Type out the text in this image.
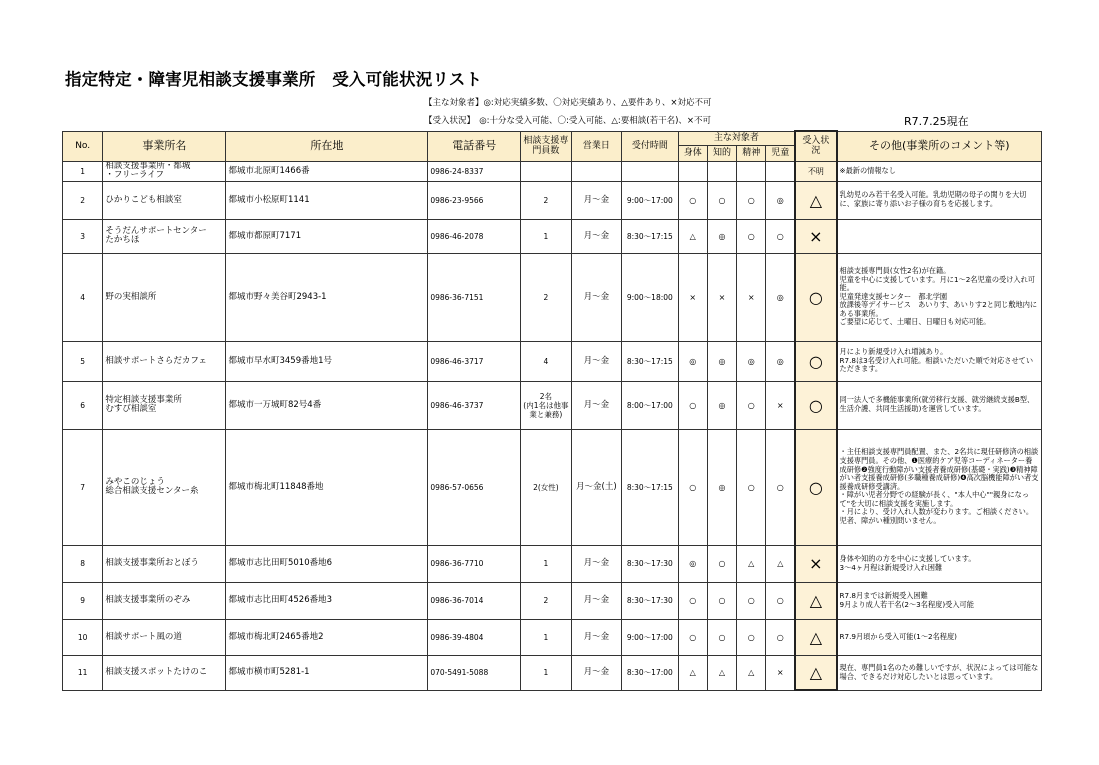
指定特定・障害児相談支援事業所　受入可能状況リスト
【主な対象者】◎:対応実績多数、〇対応実績あり、△要件あり、×対応不可
【受入状況】　◎:十分な受入可能、〇:受入可能、△:要相談(若干名)、×不可	R7.7.25現在
No.	事業所名	所在地	電話番号	相談支援専門員数	営業日	受付時間	主な対象者				受入状況	その他(事業所のコメント等)
							身体	知的	精神	児童		
1	相談支援事業所・都城
・フリーライフ	都城市北原町1466番	0986-24-8337								不明	※最新の情報なし
2	ひかりこども相談室	都城市小松原町1141	0986-23-9566	2	月～金	9:00～17:00	○	○	○	◎	△	乳幼児のみ若干名受入可能。乳幼児期の母子の関りを大切に、家族に寄り添いお子様の育ちを応援します。
3	そうだんサポートセンター
たかちほ	都城市都原町7171	0986-46-2078	1	月～金	8:30～17:15	△	◎	○	○	×	
4	野の実相談所	都城市野々美谷町2943-1	0986-36-7151	2	月～金	9:00～18:00	×	×	×	◎	○	相談支援専門員(女性2名)が在籍。
児童を中心に支援しています。月に1～2名児童の受け入れ可能。
児童発達支援センター　都北学園
放課後等デイサービス　あいりす、あいりす2と同じ敷地内にある事業所。
ご要望に応じて、土曜日、日曜日も対応可能。
5	相談サポートさらだカフェ	都城市早水町3459番地1号	0986-46-3717	4	月～金	8:30～17:15	◎	◎	◎	◎	○	月により新規受け入れ増減あり。
R7.8は3名受け入れ可能。相談いただいた順で対応させていただきます。
6	特定相談支援事業所
むすび相談室	都城市一万城町82号4番	0986-46-3737	2名
(内1名は他事業と兼務)	月～金	8:00～17:00	○	◎	○	×	○	同一法人で多機能事業所(就労移行支援、就労継続支援B型、生活介護、共同生活援助)を運営しています。
7	みやこのじょう
総合相談支援センター糸	都城市梅北町11848番地	0986-57-0656	2(女性)	月～金(土)	8:30～17:15	○	◎	○	○	○	・主任相談支援専門員配置、また、2名共に現任研修済の相談支援専門員。その他、❶医療的ケア児等コーディネーター養成研修❷強度行動障がい支援者養成研修(基礎・実践)❸精神障がい者支援養成研修(多職種養成研修)❹高次脳機能障がい者支援養成研修受講済。
・障がい児者分野での経験が長く、"本人中心""親身になって"を大切に相談支援を実施します。
・月により、受け入れ人数が変わります。ご相談ください。児者、障がい種別問いません。
8	相談支援事業所おとぼう	都城市志比田町5010番地6	0986-36-7710	1	月～金	8:30～17:30	◎	○	△	△	×	身体や知的の方を中心に支援しています。
3～4ヶ月程は新規受け入れ困難
9	相談支援事業所のぞみ	都城市志比田町4526番地3	0986-36-7014	2	月～金	8:30～17:30	○	○	○	○	△	R7.8月までは新規受入困難
9月より成人若干名(2～3名程度)受入可能
10	相談サポート風の道	都城市梅北町2465番地2	0986-39-4804	1	月～金	9:00～17:00	○	○	○	○	△	R7.9月頃から受入可能(1～2名程度)
11	相談支援スポットたけのこ	都城市横市町5281-1	070-5491-5088	1	月～金	8:30～17:00	△	△	△	×	△	現在、専門員1名のため難しいですが、状況によっては可能な場合、できるだけ対応したいとは思っています。
